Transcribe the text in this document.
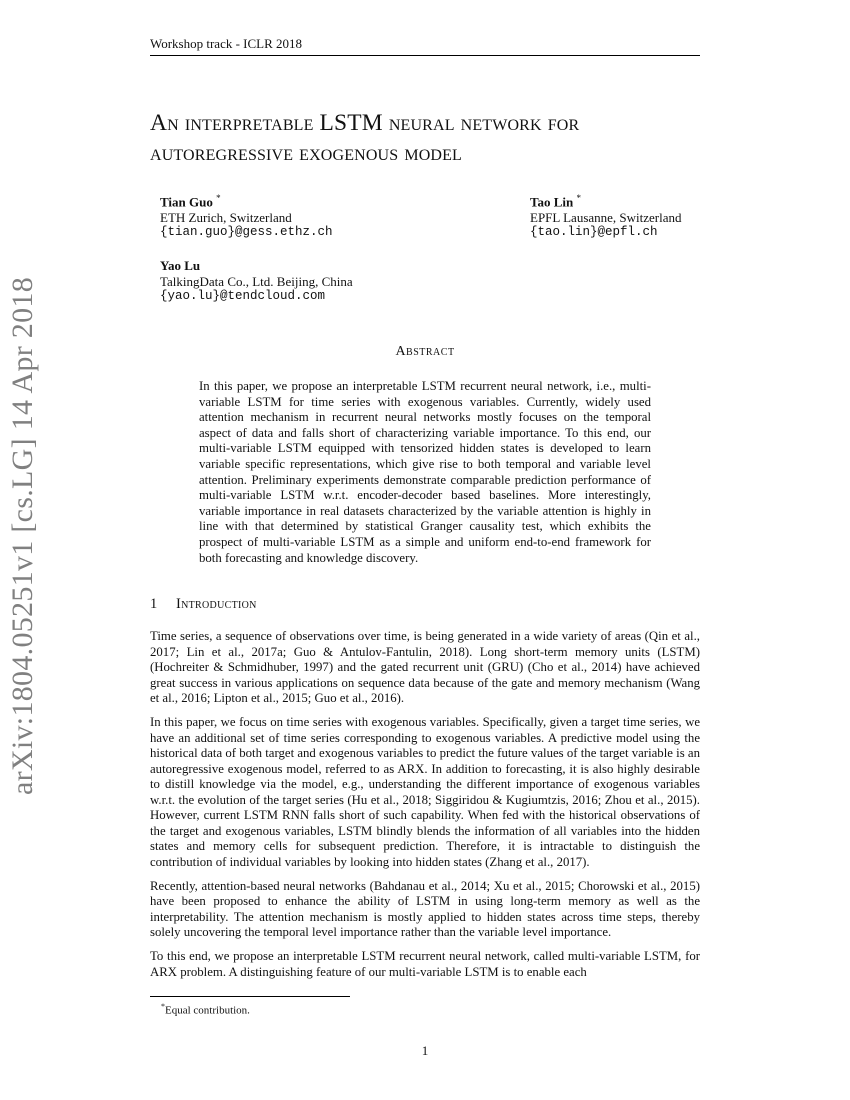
Workshop track - ICLR 2018
arXiv:1804.05251v1 [cs.LG] 14 Apr 2018
An interpretable LSTM neural network for
autoregressive exogenous model
Tian Guo *
ETH Zurich, Switzerland
{tian.guo}@gess.ethz.ch
Tao Lin *
EPFL Lausanne, Switzerland
{tao.lin}@epfl.ch
Yao Lu
TalkingData Co., Ltd. Beijing, China
{yao.lu}@tendcloud.com
Abstract
In this paper, we propose an interpretable LSTM recurrent neural network, i.e., multi-variable LSTM for time series with exogenous variables. Currently, widely used attention mechanism in recurrent neural networks mostly focuses on the temporal aspect of data and falls short of characterizing variable importance. To this end, our multi-variable LSTM equipped with tensorized hidden states is developed to learn variable specific representations, which give rise to both temporal and variable level attention. Preliminary experiments demonstrate comparable prediction performance of multi-variable LSTM w.r.t. encoder-decoder based baselines. More interestingly, variable importance in real datasets characterized by the variable attention is highly in line with that determined by statistical Granger causality test, which exhibits the prospect of multi-variable LSTM as a simple and uniform end-to-end framework for both forecasting and knowledge discovery.
1 Introduction

Time series, a sequence of observations over time, is being generated in a wide variety of areas (Qin et al., 2017; Lin et al., 2017a; Guo & Antulov-Fantulin, 2018). Long short-term memory units (LSTM) (Hochreiter & Schmidhuber, 1997) and the gated recurrent unit (GRU) (Cho et al., 2014) have achieved great success in various applications on sequence data because of the gate and memory mechanism (Wang et al., 2016; Lipton et al., 2015; Guo et al., 2016).

In this paper, we focus on time series with exogenous variables. Specifically, given a target time series, we have an additional set of time series corresponding to exogenous variables. A predictive model using the historical data of both target and exogenous variables to predict the future values of the target variable is an autoregressive exogenous model, referred to as ARX. In addition to forecasting, it is also highly desirable to distill knowledge via the model, e.g., understanding the different importance of exogenous variables w.r.t. the evolution of the target series (Hu et al., 2018; Siggiridou & Kugiumtzis, 2016; Zhou et al., 2015). However, current LSTM RNN falls short of such capability. When fed with the historical observations of the target and exogenous variables, LSTM blindly blends the information of all variables into the hidden states and memory cells for subsequent prediction. Therefore, it is intractable to distinguish the contribution of individual variables by looking into hidden states (Zhang et al., 2017).

Recently, attention-based neural networks (Bahdanau et al., 2014; Xu et al., 2015; Chorowski et al., 2015) have been proposed to enhance the ability of LSTM in using long-term memory as well as the interpretability. The attention mechanism is mostly applied to hidden states across time steps, thereby solely uncovering the temporal level importance rather than the variable level importance.

To this end, we propose an interpretable LSTM recurrent neural network, called multi-variable LSTM, for ARX problem. A distinguishing feature of our multi-variable LSTM is to enable each

*Equal contribution.
1
